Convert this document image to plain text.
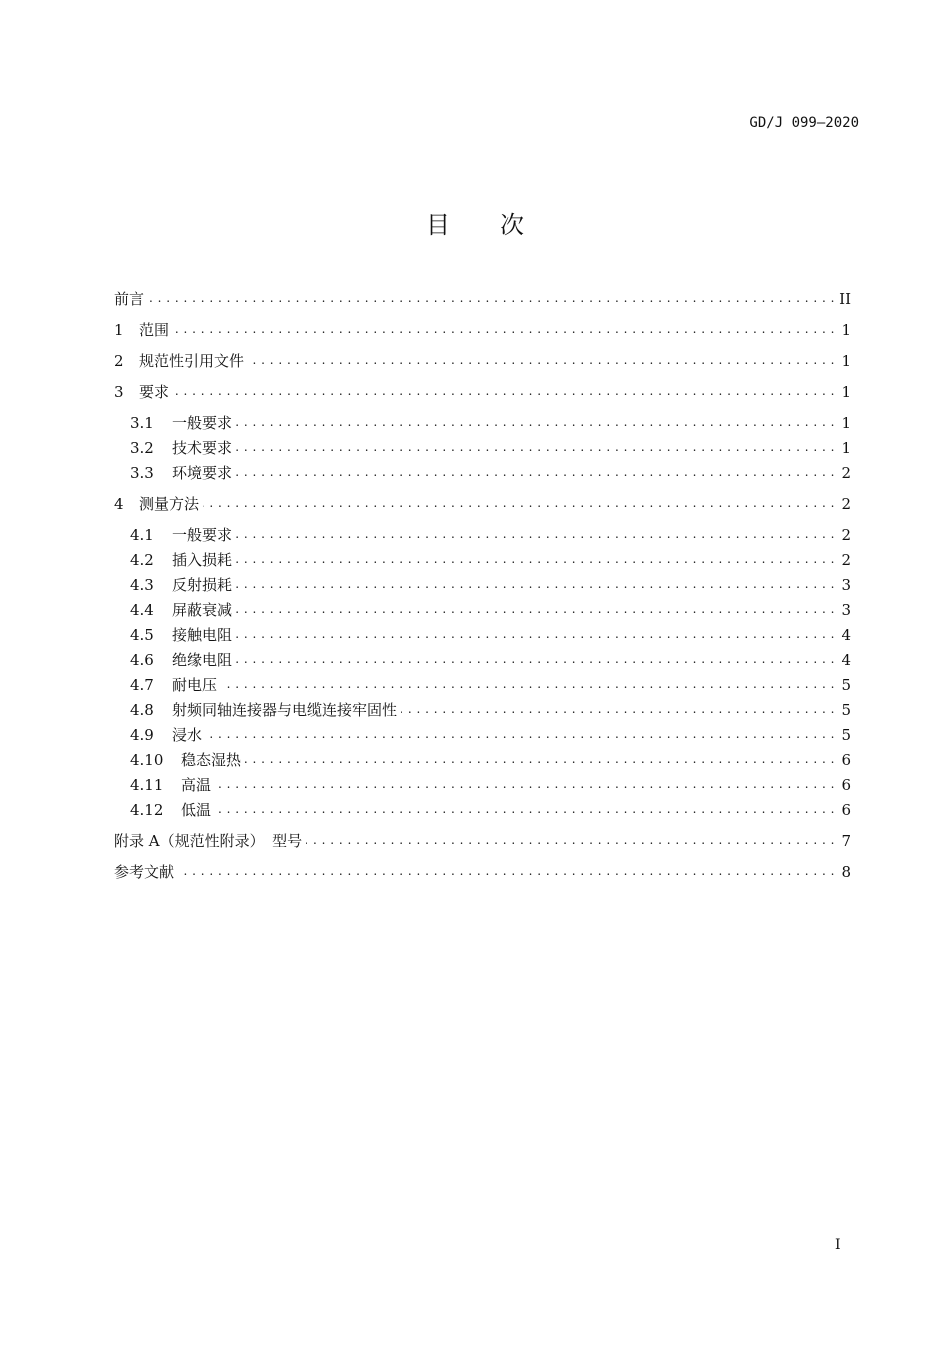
GD/J 099—2020
目次
前言 . . .	II
1	范围 . . .	1
2	规范性引用文件 . . .	1
3	要求 . . .	1
3.1	一般要求 . . .	1
3.2	技术要求 . . .	1
3.3	环境要求 . . .	2
4	测量方法 . . .	2
4.1	一般要求 . . .	2
4.2	插入损耗 . . .	2
4.3	反射损耗 . . .	3
4.4	屏蔽衰减 . . .	3
4.5	接触电阻 . . .	4
4.6	绝缘电阻 . . .	4
4.7	耐电压 . . .	5
4.8	射频同轴连接器与电缆连接牢固性 . . .	5
4.9	浸水 . . .	5
4.10	稳态湿热 . . .	6
4.11	高温 . . .	6
4.12	低温 . . .	6
附录 A（规范性附录）　型号 . . .	7
参考文献 . . .	8
I
